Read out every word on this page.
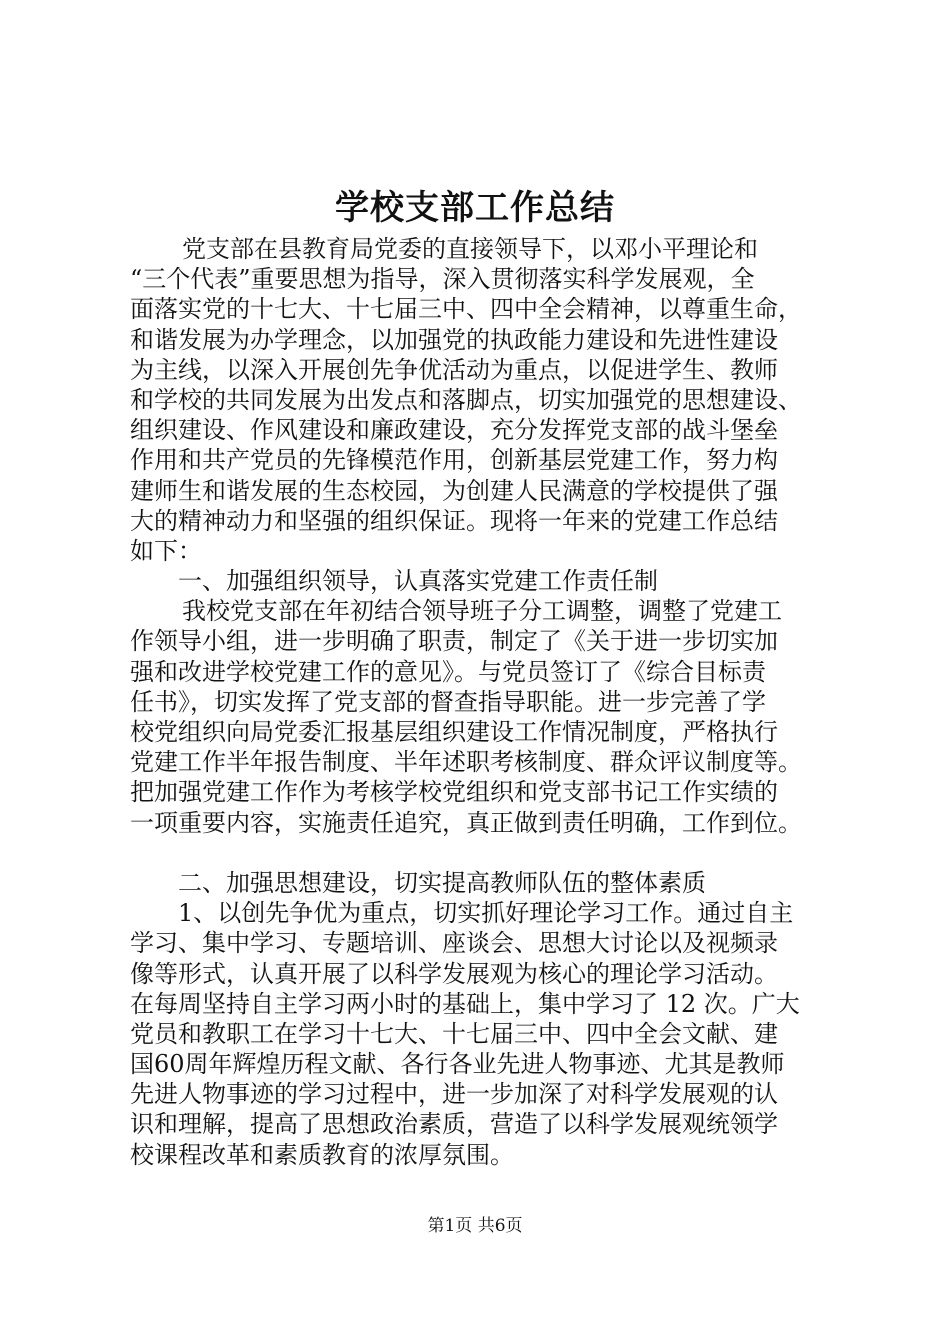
学校支部工作总结
党支部在县教育局党委的直接领导下，以邓小平理论和
“三个代表”重要思想为指导，深入贯彻落实科学发展观，全
面落实党的十七大、十七届三中、四中全会精神，以尊重生命，
和谐发展为办学理念，以加强党的执政能力建设和先进性建设
为主线，以深入开展创先争优活动为重点，以促进学生、教师
和学校的共同发展为出发点和落脚点，切实加强党的思想建设、
组织建设、作风建设和廉政建设，充分发挥党支部的战斗堡垒
作用和共产党员的先锋模范作用，创新基层党建工作，努力构
建师生和谐发展的生态校园，为创建人民满意的学校提供了强
大的精神动力和坚强的组织保证。现将一年来的党建工作总结
如下：
一、加强组织领导，认真落实党建工作责任制
我校党支部在年初结合领导班子分工调整，调整了党建工
作领导小组，进一步明确了职责，制定了《关于进一步切实加
强和改进学校党建工作的意见》。与党员签订了《综合目标责
任书》，切实发挥了党支部的督查指导职能。进一步完善了学
校党组织向局党委汇报基层组织建设工作情况制度，严格执行
党建工作半年报告制度、半年述职考核制度、群众评议制度等。
把加强党建工作作为考核学校党组织和党支部书记工作实绩的
一项重要内容，实施责任追究，真正做到责任明确，工作到位。
二、加强思想建设，切实提高教师队伍的整体素质
1、以创先争优为重点，切实抓好理论学习工作。通过自主
学习、集中学习、专题培训、座谈会、思想大讨论以及视频录
像等形式，认真开展了以科学发展观为核心的理论学习活动。
在每周坚持自主学习两小时的基础上，集中学习了 12 次。广大
党员和教职工在学习十七大、十七届三中、四中全会文献、建
国60周年辉煌历程文献、各行各业先进人物事迹、尤其是教师
先进人物事迹的学习过程中，进一步加深了对科学发展观的认
识和理解，提高了思想政治素质，营造了以科学发展观统领学
校课程改革和素质教育的浓厚氛围。
第1页 共6页
